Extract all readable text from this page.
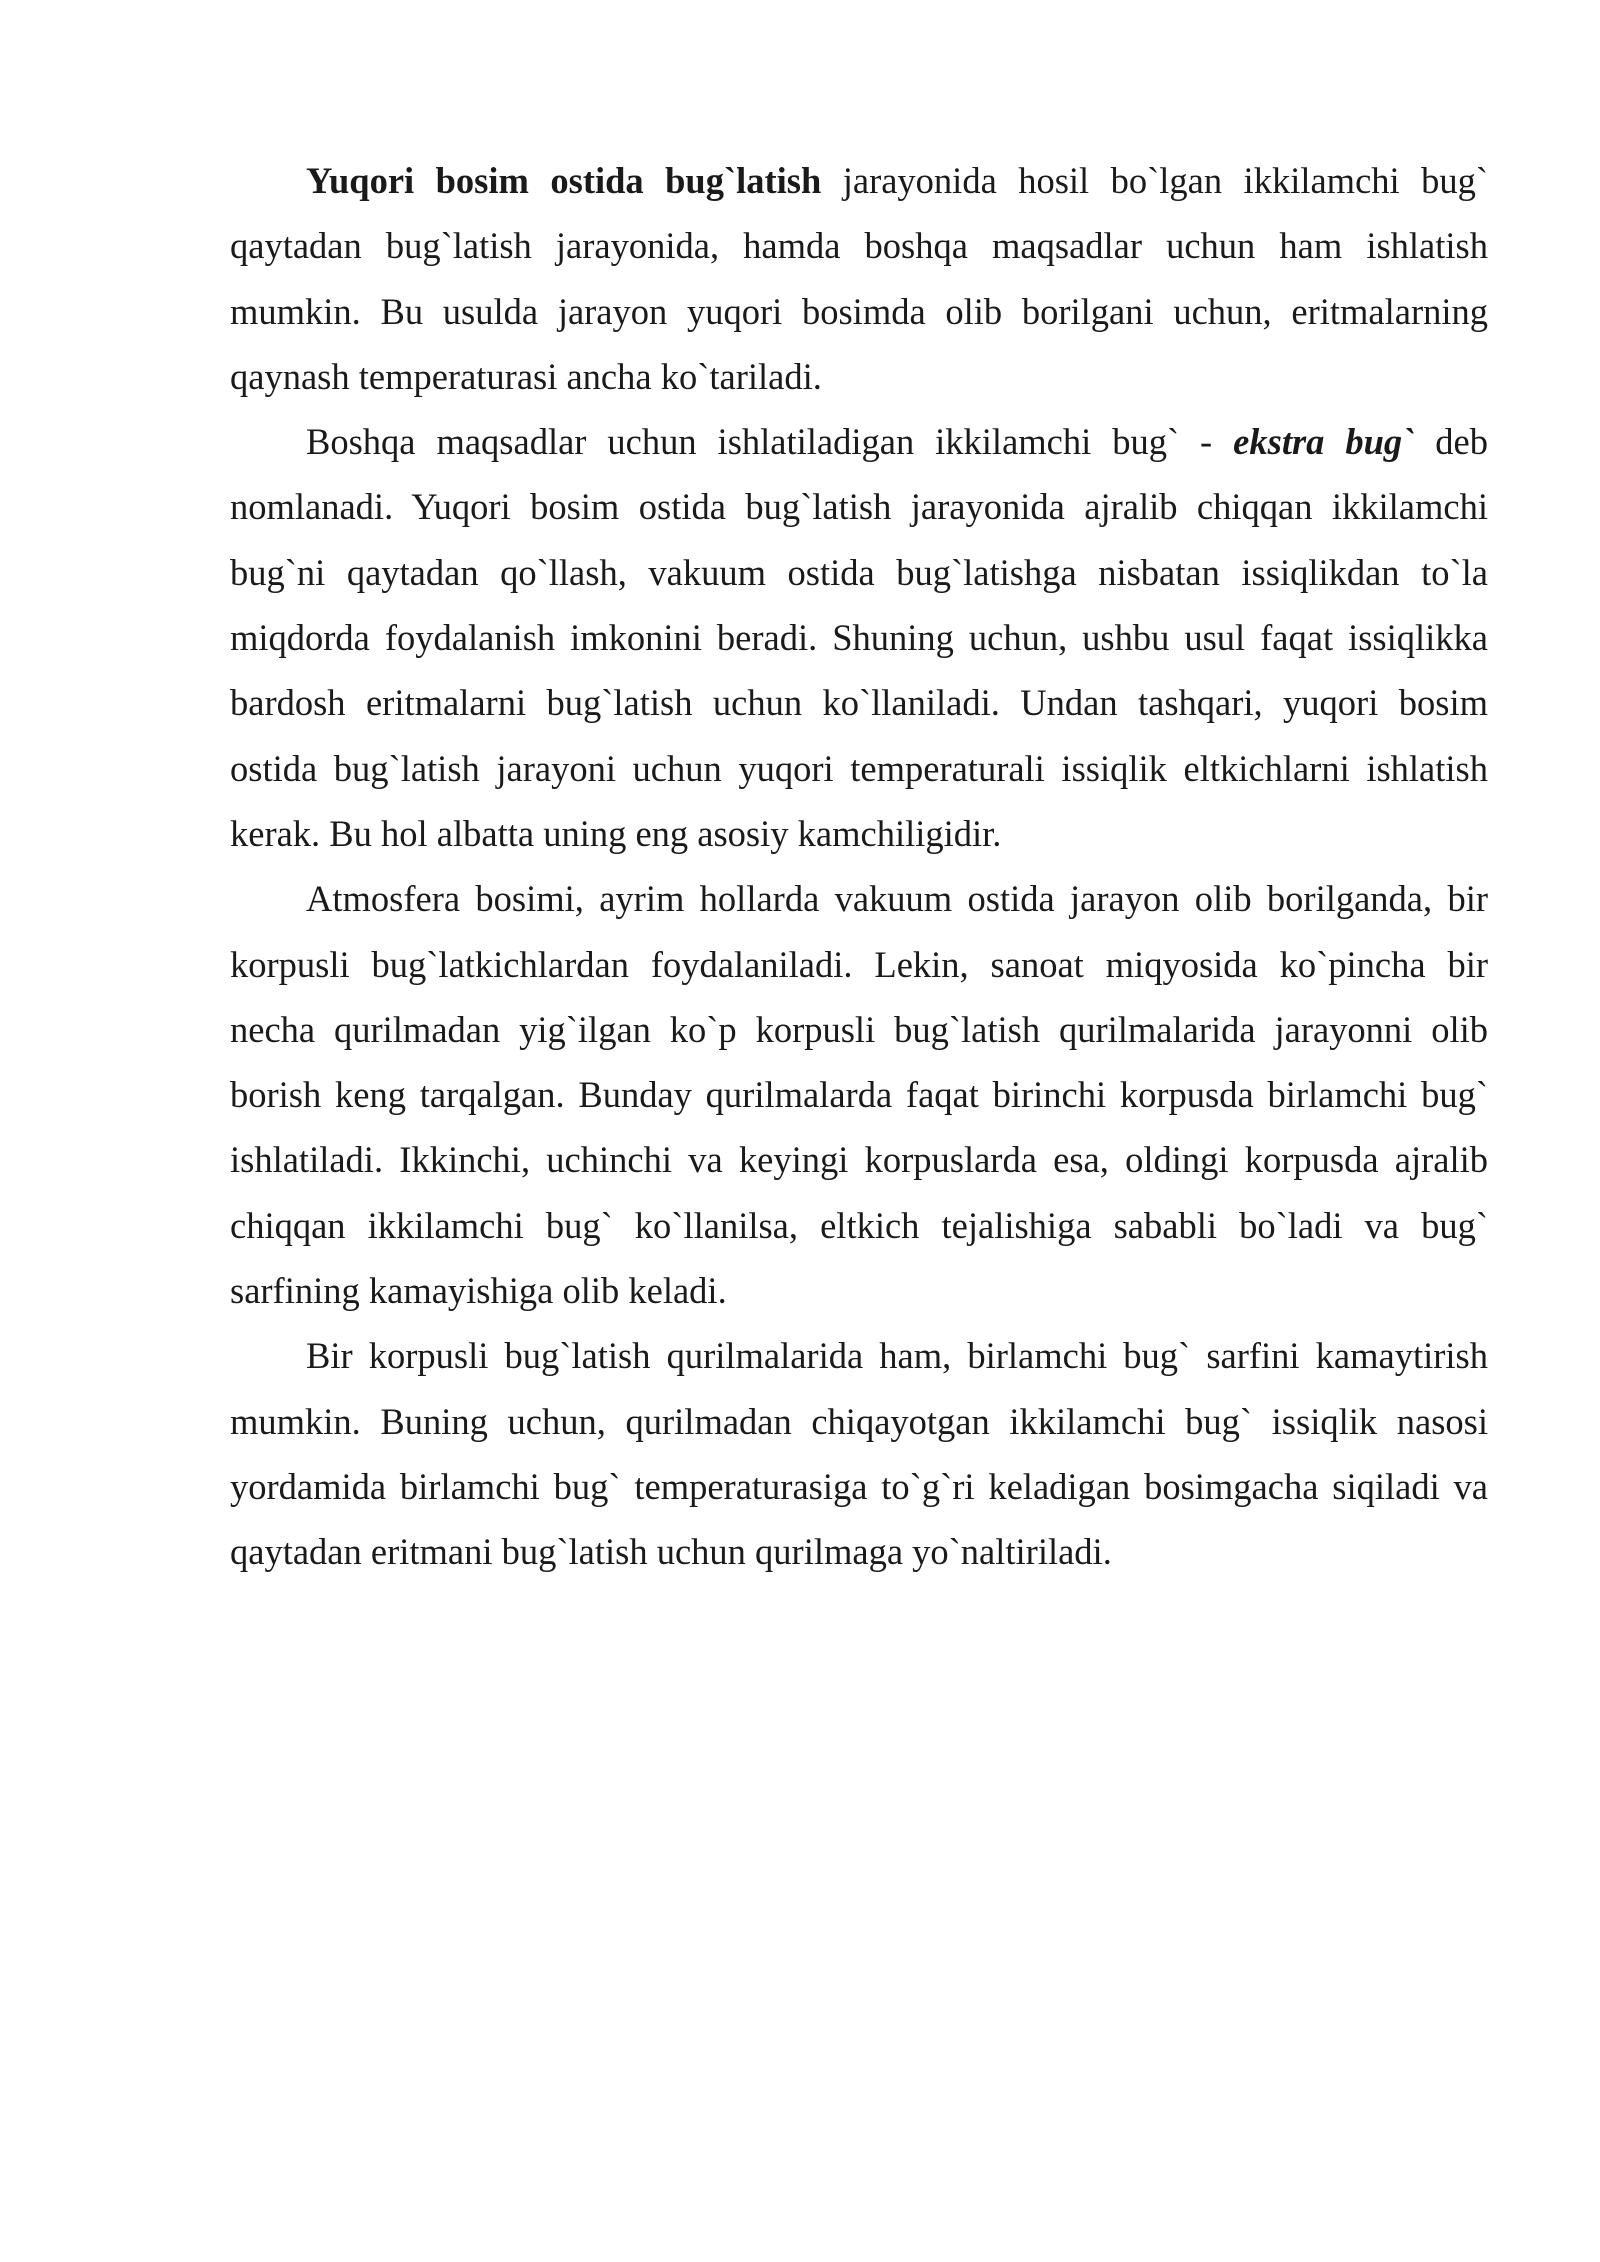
Yuqori bosim ostida bug`latish jarayonida hosil bo`lgan ikkilamchi bug` qaytadan bug`latish jarayonida, hamda boshqa maqsadlar uchun ham ishlatish mumkin. Bu usulda jarayon yuqori bosimda olib borilgani uchun, eritmalarning qaynash temperaturasi ancha ko`tariladi.

Boshqa maqsadlar uchun ishlatiladigan ikkilamchi bug` - ekstra bug` deb nomlanadi. Yuqori bosim ostida bug`latish jarayonida ajralib chiqqan ikkilamchi bug`ni qaytadan qo`llash, vakuum ostida bug`latishga nisbatan issiqlikdan to`la miqdorda foydalanish imkonini beradi. Shuning uchun, ushbu usul faqat issiqlikka bardosh eritmalarni bug`latish uchun ko`llaniladi. Undan tashqari, yuqori bosim ostida bug`latish jarayoni uchun yuqori temperaturali issiqlik eltkichlarni ishlatish kerak. Bu hol albatta uning eng asosiy kamchiligidir.

Atmosfera bosimi, ayrim hollarda vakuum ostida jarayon olib borilganda, bir korpusli bug`latkichlardan foydalaniladi. Lekin, sanoat miqyosida ko`pincha bir necha qurilmadan yig`ilgan ko`p korpusli bug`latish qurilmalarida jarayonni olib borish keng tarqalgan. Bunday qurilmalarda faqat birinchi korpusda birlamchi bug` ishlatiladi. Ikkinchi, uchinchi va keyingi korpuslarda esa, oldingi korpusda ajralib chiqqan ikkilamchi bug` ko`llanilsa, eltkich tejalishiga sababli bo`ladi va bug` sarfining kamayishiga olib keladi.

Bir korpusli bug`latish qurilmalarida ham, birlamchi bug` sarfini kamaytirish mumkin. Buning uchun, qurilmadan chiqayotgan ikkilamchi bug` issiqlik nasosi yordamida birlamchi bug` temperaturasiga to`g`ri keladigan bosimgacha siqiladi va qaytadan eritmani bug`latish uchun qurilmaga yo`naltiriladi.
